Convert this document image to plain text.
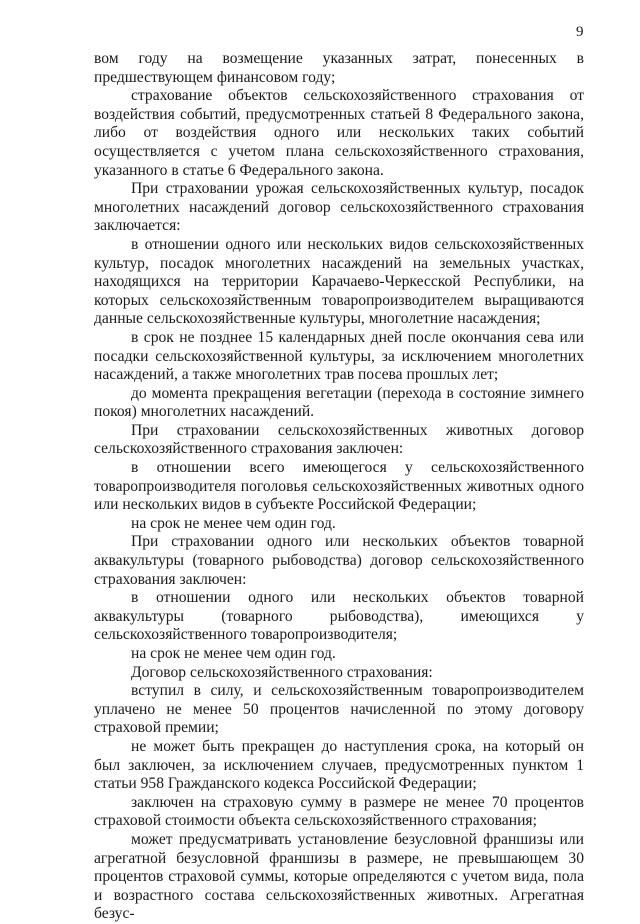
9

вом году на возмещение указанных затрат, понесенных в предшествующем финансовом году;

страхование объектов сельскохозяйственного страхования от воздействия событий, предусмотренных статьей 8 Федерального закона, либо от воздействия одного или нескольких таких событий осуществляется с учетом плана сельскохозяйственного страхования, указанного в статье 6 Федерального закона.

При страховании урожая сельскохозяйственных культур, посадок многолетних насаждений договор сельскохозяйственного страхования заключается:

в отношении одного или нескольких видов сельскохозяйственных культур, посадок многолетних насаждений на земельных участках, находящихся на территории Карачаево-Черкесской Республики, на которых сельскохозяйственным товаропроизводителем выращиваются данные сельскохозяйственные культуры, многолетние насаждения;

в срок не позднее 15 календарных дней после окончания сева или посадки сельскохозяйственной культуры, за исключением многолетних насаждений, а также многолетних трав посева прошлых лет;

до момента прекращения вегетации (перехода в состояние зимнего покоя) многолетних насаждений.

При страховании сельскохозяйственных животных договор сельскохозяйственного страхования заключен:

в отношении всего имеющегося у сельскохозяйственного товаропроизводителя поголовья сельскохозяйственных животных одного или нескольких видов в субъекте Российской Федерации;

на срок не менее чем один год.

При страховании одного или нескольких объектов товарной аквакультуры (товарного рыбоводства) договор сельскохозяйственного страхования заключен:

в отношении одного или нескольких объектов товарной аквакультуры (товарного рыбоводства), имеющихся у сельскохозяйственного товаропроизводителя;

на срок не менее чем один год.

Договор сельскохозяйственного страхования:

вступил в силу, и сельскохозяйственным товаропроизводителем уплачено не менее 50 процентов начисленной по этому договору страховой премии;

не может быть прекращен до наступления срока, на который он был заключен, за исключением случаев, предусмотренных пунктом 1 статьи 958 Гражданского кодекса Российской Федерации;

заключен на страховую сумму в размере не менее 70 процентов страховой стоимости объекта сельскохозяйственного страхования;

может предусматривать установление безусловной франшизы или агрегатной безусловной франшизы в размере, не превышающем 30 процентов страховой суммы, которые определяются с учетом вида, пола и возрастного состава сельскохозяйственных животных. Агрегатная безус-
